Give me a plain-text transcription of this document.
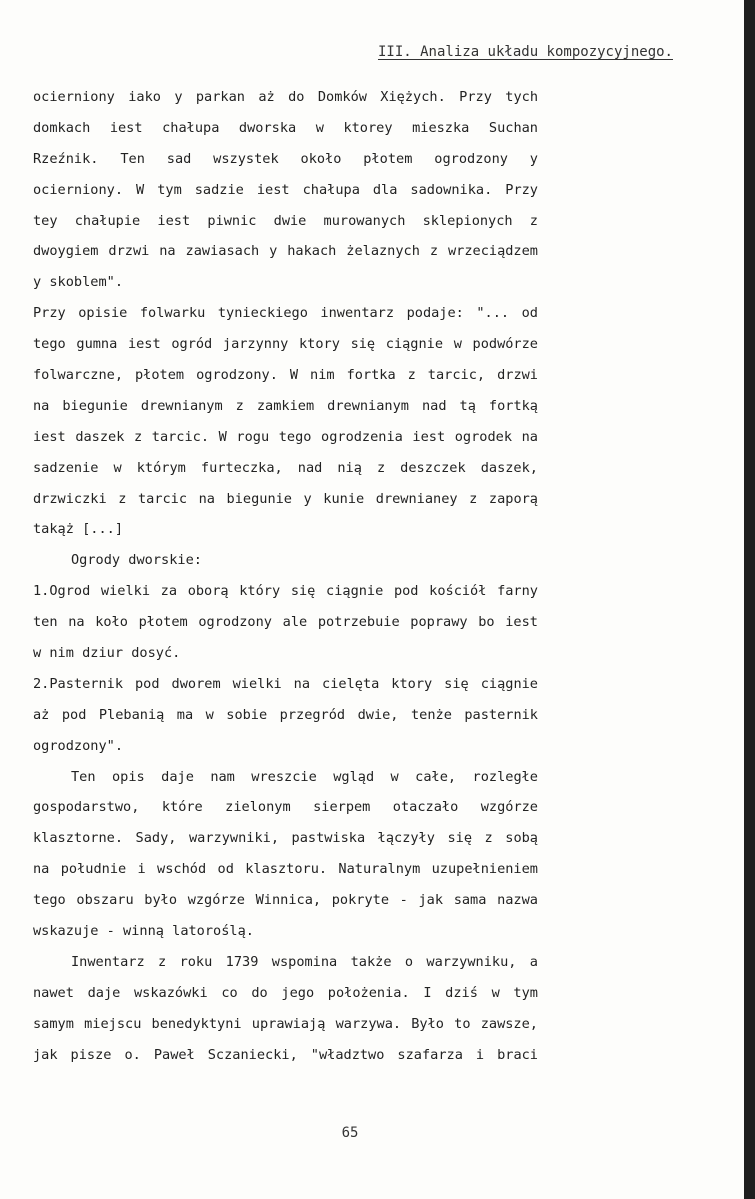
III. Analiza układu kompozycyjnego.
ocierniony iako y parkan aż do Domków Xiężych. Przy tych
domkach iest chałupa dworska w ktorey mieszka Suchan
Rzeźnik. Ten sad wszystek około płotem ogrodzony y
ocierniony. W tym sadzie iest chałupa dla sadownika. Przy
tey chałupie iest piwnic dwie murowanych sklepionych z
dwoygiem drzwi na zawiasach y hakach żelaznych z wrzeciądzem
y skoblem".
Przy opisie folwarku tynieckiego inwentarz podaje: "... od
tego gumna iest ogród jarzynny ktory się ciągnie w podwórze
folwarczne, płotem ogrodzony. W nim fortka z tarcic, drzwi
na biegunie drewnianym z zamkiem drewnianym nad tą fortką
iest daszek z tarcic. W rogu tego ogrodzenia iest ogrodek na
sadzenie w którym furteczka, nad nią z deszczek daszek,
drzwiczki z tarcic na biegunie y kunie drewnianey z zaporą
takąż [...]
Ogrody dworskie:
1.Ogrod wielki za oborą który się ciągnie pod kościół farny
ten na koło płotem ogrodzony ale potrzebuie poprawy bo iest
w nim dziur dosyć.
2.Pasternik pod dworem wielki na cielęta ktory się ciągnie
aż pod Plebanią ma w sobie przegród dwie, tenże pasternik
ogrodzony".
Ten opis daje nam wreszcie wgląd w całe, rozległe
gospodarstwo, które zielonym sierpem otaczało wzgórze
klasztorne. Sady, warzywniki, pastwiska łączyły się z sobą
na południe i wschód od klasztoru. Naturalnym uzupełnieniem
tego obszaru było wzgórze Winnica, pokryte - jak sama nazwa
wskazuje - winną latoroślą.
Inwentarz z roku 1739 wspomina także o warzywniku, a
nawet daje wskazówki co do jego położenia. I dziś w tym
samym miejscu benedyktyni uprawiają warzywa. Było to zawsze,
jak pisze o. Paweł Sczaniecki, "władztwo szafarza i braci
65
